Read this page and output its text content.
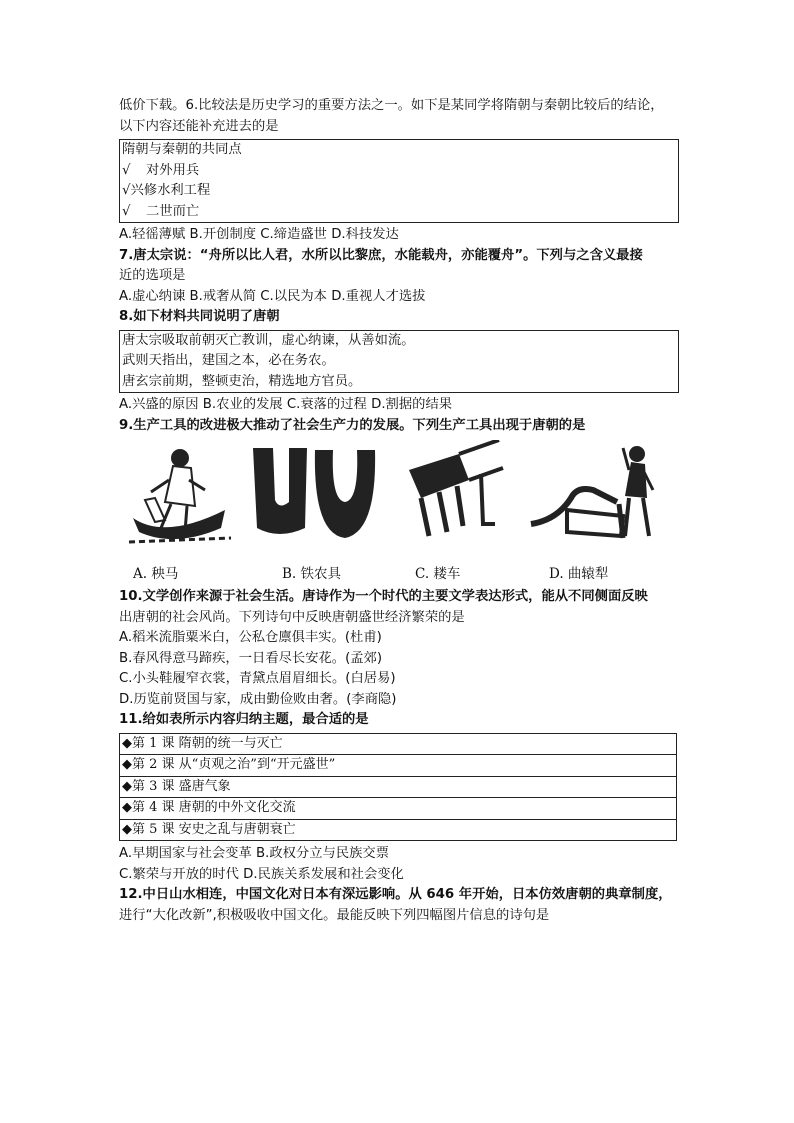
低价下载。6.比较法是历史学习的重要方法之一。如下是某同学将隋朝与秦朝比较后的结论，
以下内容还能补充进去的是
隋朝与秦朝的共同点
√ 对外用兵
√兴修水利工程
√ 二世而亡
A.轻徭薄赋 B.开创制度 C.缔造盛世 D.科技发达
7.唐太宗说：“舟所以比人君，水所以比黎庶，水能载舟，亦能覆舟”。下列与之含义最接
近的选项是
A.虚心纳谏 B.戒奢从简 C.以民为本 D.重视人才选拔
8.如下材料共同说明了唐朝
唐太宗吸取前朝灭亡教训，虚心纳谏，从善如流。
武则天指出，建国之本，必在务农。
唐玄宗前期，整顿吏治，精选地方官员。
A.兴盛的原因 B.农业的发展 C.衰落的过程 D.割据的结果
9.生产工具的改进极大推动了社会生产力的发展。下列生产工具出现于唐朝的是
A. 秧马	B. 铁农具	C. 耧车	D. 曲辕犁
10.文学创作来源于社会生活。唐诗作为一个时代的主要文学表达形式，能从不同侧面反映
出唐朝的社会风尚。下列诗句中反映唐朝盛世经济繁荣的是
A.稻米流脂粟米白，公私仓廪俱丰实。(杜甫)
B.春风得意马蹄疾，一日看尽长安花。(孟郊)
C.小头鞋履窄衣裳，青黛点眉眉细长。(白居易)
D.历览前贤国与家，成由勤俭败由奢。(李商隐)
11.给如表所示内容归纳主题，最合适的是
◆第 1 课 隋朝的统一与灭亡
◆第 2 课 从“贞观之治”到“开元盛世”
◆第 3 课 盛唐气象
◆第 4 课 唐朝的中外文化交流
◆第 5 课 安史之乱与唐朝衰亡
A.早期国家与社会变革 B.政权分立与民族交票
C.繁荣与开放的时代 D.民族关系发展和社会变化
12.中日山水相连，中国文化对日本有深远影响。从 646 年开始，日本仿效唐朝的典章制度，
进行“大化改新”,积极吸收中国文化。最能反映下列四幅图片信息的诗句是
